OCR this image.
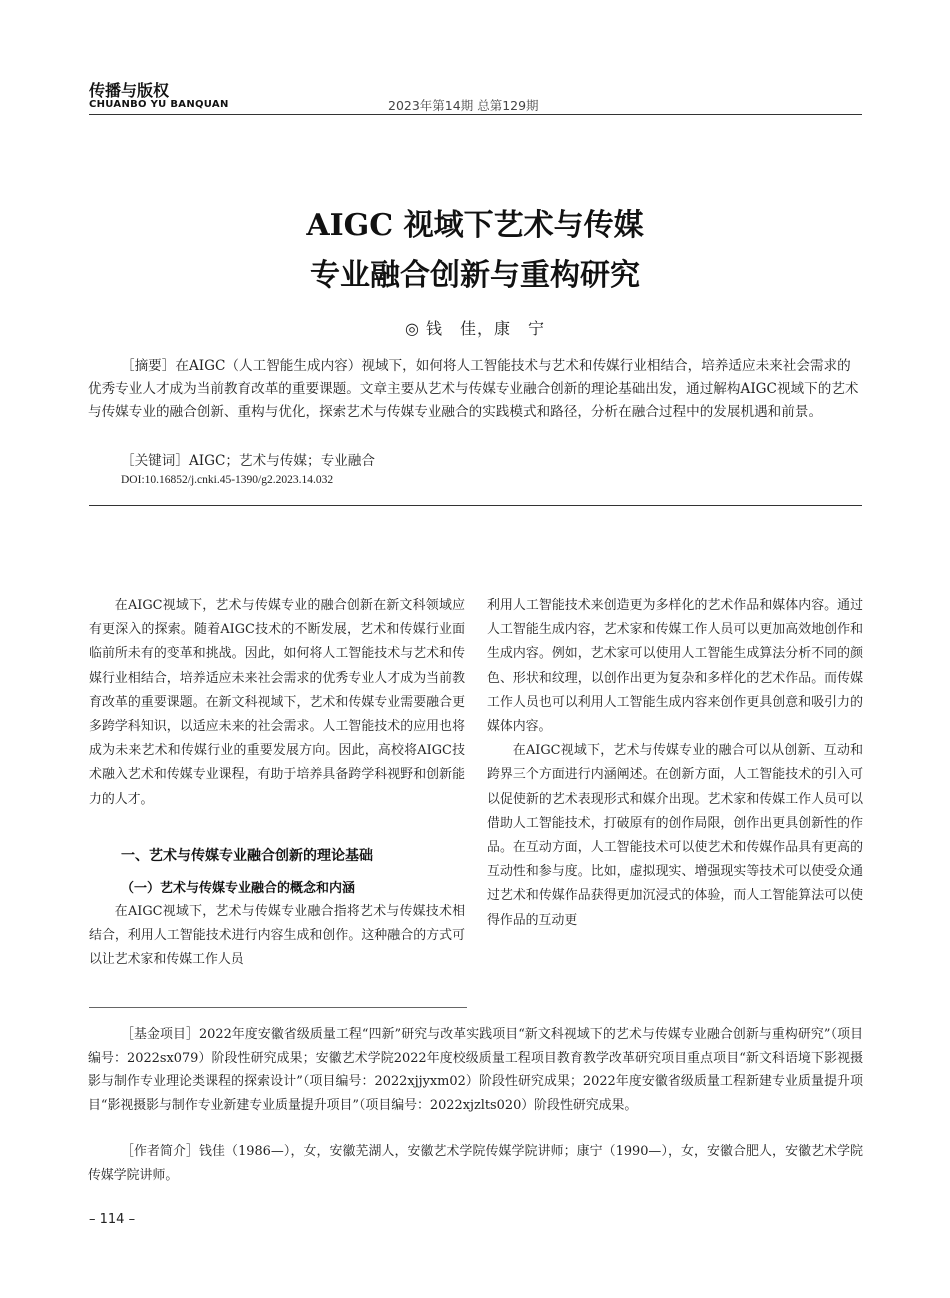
传播与版权
CHUANBO YU BANQUAN	2023年第14期 总第129期
AIGC 视域下艺术与传媒
专业融合创新与重构研究
◎ 钱　佳，康　宁
［摘要］在AIGC（人工智能生成内容）视域下，如何将人工智能技术与艺术和传媒行业相结合，培养适应未来社会需求的优秀专业人才成为当前教育改革的重要课题。文章主要从艺术与传媒专业融合创新的理论基础出发，通过解构AIGC视域下的艺术与传媒专业的融合创新、重构与优化，探索艺术与传媒专业融合的实践模式和路径，分析在融合过程中的发展机遇和前景。
［关键词］AIGC；艺术与传媒；专业融合
DOI:10.16852/j.cnki.45-1390/g2.2023.14.032

在AIGC视域下，艺术与传媒专业的融合创新在新文科领域应有更深入的探索。随着AIGC技术的不断发展，艺术和传媒行业面临前所未有的变革和挑战。因此，如何将人工智能技术与艺术和传媒行业相结合，培养适应未来社会需求的优秀专业人才成为当前教育改革的重要课题。在新文科视域下，艺术和传媒专业需要融合更多跨学科知识，以适应未来的社会需求。人工智能技术的应用也将成为未来艺术和传媒行业的重要发展方向。因此，高校将AIGC技术融入艺术和传媒专业课程，有助于培养具备跨学科视野和创新能力的人才。

一、艺术与传媒专业融合创新的理论基础
（一）艺术与传媒专业融合的概念和内涵

在AIGC视域下，艺术与传媒专业融合指将艺术与传媒技术相结合，利用人工智能技术进行内容生成和创作。这种融合的方式可以让艺术家和传媒工作人员

利用人工智能技术来创造更为多样化的艺术作品和媒体内容。通过人工智能生成内容，艺术家和传媒工作人员可以更加高效地创作和生成内容。例如，艺术家可以使用人工智能生成算法分析不同的颜色、形状和纹理，以创作出更为复杂和多样化的艺术作品。而传媒工作人员也可以利用人工智能生成内容来创作更具创意和吸引力的媒体内容。

在AIGC视域下，艺术与传媒专业的融合可以从创新、互动和跨界三个方面进行内涵阐述。在创新方面，人工智能技术的引入可以促使新的艺术表现形式和媒介出现。艺术家和传媒工作人员可以借助人工智能技术，打破原有的创作局限，创作出更具创新性的作品。在互动方面，人工智能技术可以使艺术和传媒作品具有更高的互动性和参与度。比如，虚拟现实、增强现实等技术可以使受众通过艺术和传媒作品获得更加沉浸式的体验，而人工智能算法可以使得作品的互动更

［基金项目］2022年度安徽省级质量工程“四新”研究与改革实践项目“新文科视域下的艺术与传媒专业融合创新与重构研究”（项目编号：2022sx079）阶段性研究成果；安徽艺术学院2022年度校级质量工程项目教育教学改革研究项目重点项目“新文科语境下影视摄影与制作专业理论类课程的探索设计”（项目编号：2022xjjyxm02）阶段性研究成果；2022年度安徽省级质量工程新建专业质量提升项目“影视摄影与制作专业新建专业质量提升项目”（项目编号：2022xjzlts020）阶段性研究成果。
［作者简介］钱佳（1986—），女，安徽芜湖人，安徽艺术学院传媒学院讲师；康宁（1990—），女，安徽合肥人，安徽艺术学院传媒学院讲师。
– 114 –
